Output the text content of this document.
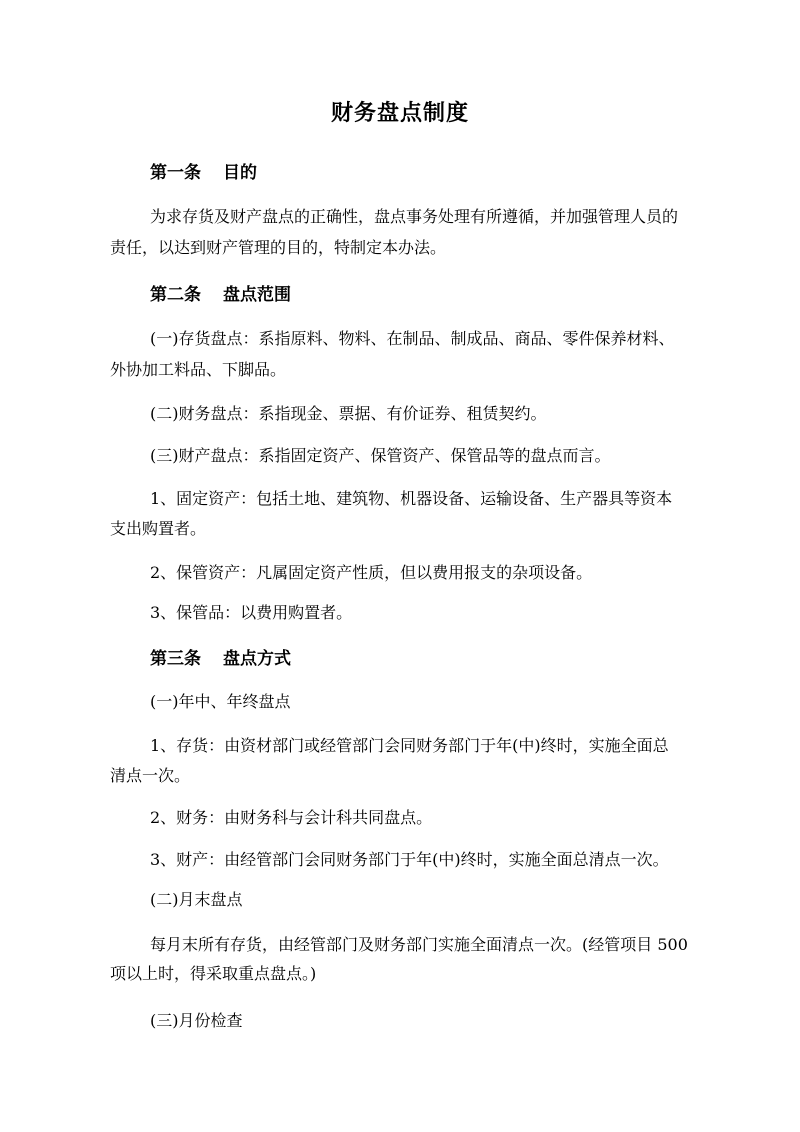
财务盘点制度
第一条 目的
为求存货及财产盘点的正确性，盘点事务处理有所遵循，并加强管理人员的
责任，以达到财产管理的目的，特制定本办法。
第二条 盘点范围
(一)存货盘点：系指原料、物料、在制品、制成品、商品、零件保养材料、
外协加工料品、下脚品。
(二)财务盘点：系指现金、票据、有价证券、租赁契约。
(三)财产盘点：系指固定资产、保管资产、保管品等的盘点而言。
1、固定资产：包括土地、建筑物、机器设备、运输设备、生产器具等资本
支出购置者。
2、保管资产：凡属固定资产性质，但以费用报支的杂项设备。
3、保管品：以费用购置者。
第三条 盘点方式
(一)年中、年终盘点
1、存货：由资材部门或经管部门会同财务部门于年(中)终时，实施全面总
清点一次。
2、财务：由财务科与会计科共同盘点。
3、财产：由经管部门会同财务部门于年(中)终时，实施全面总清点一次。
(二)月末盘点
每月末所有存货，由经管部门及财务部门实施全面清点一次。(经管项目 500
项以上时，得采取重点盘点。)
(三)月份检查
